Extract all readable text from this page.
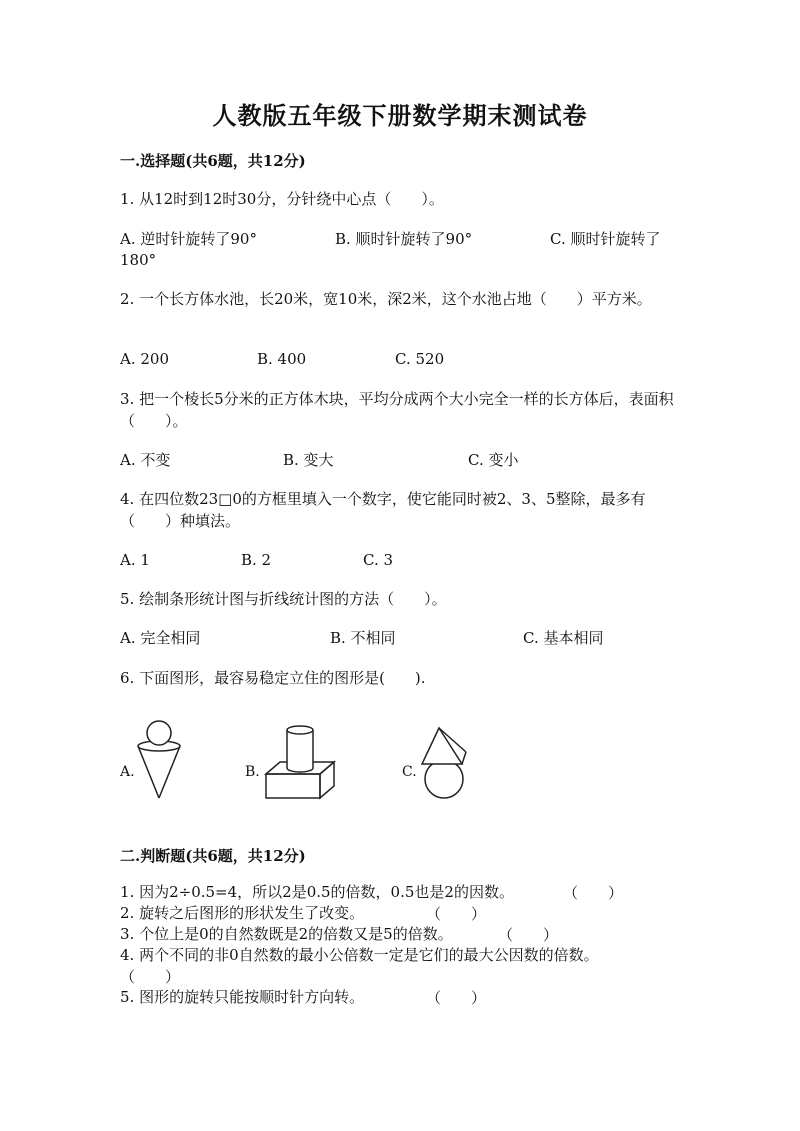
人教版五年级下册数学期末测试卷
一.选择题(共6题，共12分)
1. 从12时到12时30分，分针绕中心点（　　）。
A. 逆时针旋转了90°	B. 顺时针旋转了90°	C. 顺时针旋转了
180°
2. 一个长方体水池，长20米，宽10米，深2米，这个水池占地（　　）平方米。
A. 200	B. 400	C. 520
3. 把一个棱长5分米的正方体木块，平均分成两个大小完全一样的长方体后，表面积（　　）。
A. 不变	B. 变大	C. 变小
4. 在四位数23□0的方框里填入一个数字，使它能同时被2、3、5整除，最多有（　　）种填法。
A. 1	B. 2	C. 3
5. 绘制条形统计图与折线统计图的方法（　　）。
A. 完全相同	B. 不相同	C. 基本相同
6. 下面图形，最容易稳定立住的图形是(　　).
A.	B.	C.
二.判断题(共6题，共12分)
1. 因为2÷0.5=4，所以2是0.5的倍数，0.5也是2的因数。	（　　）
2. 旋转之后图形的形状发生了改变。	（　　）
3. 个位上是0的自然数既是2的倍数又是5的倍数。	（　　）
4. 两个不同的非0自然数的最小公倍数一定是它们的最大公因数的倍数。
（　　）
5. 图形的旋转只能按顺时针方向转。	（　　）
